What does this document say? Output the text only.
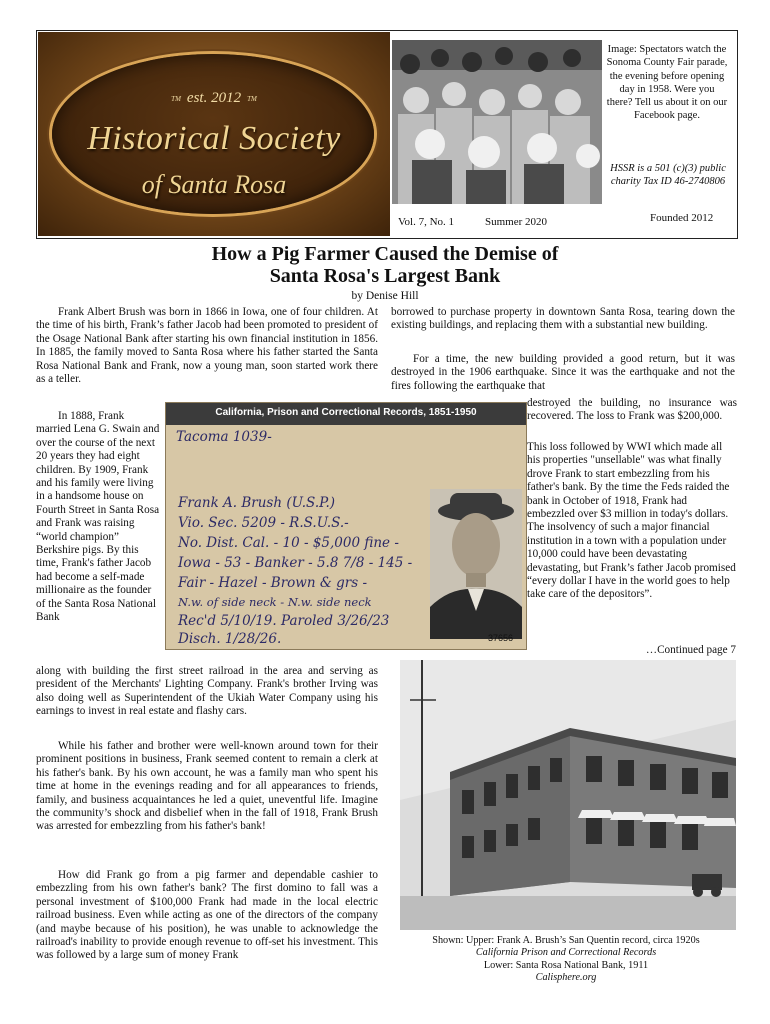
TM est. 2012 TM
Historical Society
of Santa Rosa
Image: Spectators watch the Sonoma County Fair parade, the evening before opening day in 1958. Were you there? Tell us about it on our Facebook page.
HSSR is a 501 (c)(3) public charity Tax ID 46-2740806
Vol. 7, No. 1	Summer 2020	Founded 2012
How a Pig Farmer Caused the Demise of
Santa Rosa's Largest Bank
by Denise Hill

Frank Albert Brush was born in 1866 in Iowa, one of four children. At the time of his birth, Frank’s father Jacob had been promoted to president of the Osage National Bank after starting his own financial institution in 1856. In 1885, the family moved to Santa Rosa where his father started the Santa Rosa National Bank and Frank, now a young man, soon started work there as a teller.

In 1888, Frank married Lena G. Swain and over the course of the next 20 years they had eight children. By 1909, Frank and his family were living in a handsome house on Fourth Street in Santa Rosa and Frank was raising “world champion” Berkshire pigs. By this time, Frank's father Jacob had become a self-made millionaire as the founder of the Santa Rosa National Bank

along with building the first street railroad in the area and serving as president of the Merchants' Lighting Company. Frank's brother Irving was also doing well as Superintendent of the Ukiah Water Company using his earnings to invest in real estate and flashy cars.

While his father and brother were well-known around town for their prominent positions in business, Frank seemed content to remain a clerk at his father's bank. By his own account, he was a family man who spent his time at home in the evenings reading and for all appearances to friends, family, and business acquaintances he led a quiet, uneventful life. Imagine the community’s shock and disbelief when in the fall of 1918, Frank Brush was arrested for embezzling from his father's bank!

How did Frank go from a pig farmer and dependable cashier to embezzling from his own father's bank? The first domino to fall was a personal investment of $100,000 Frank had made in the local electric railroad business. Even while acting as one of the directors of the company (and maybe because of his position), he was unable to acknowledge the railroad's inability to provide enough revenue to off-set his investment. This was followed by a large sum of money Frank

borrowed to purchase property in downtown Santa Rosa, tearing down the existing buildings, and replacing them with a substantial new building.

For a time, the new building provided a good return, but it was destroyed in the 1906 earthquake. Since it was the earthquake and not the fires following the earthquake that

destroyed the building, no insurance was recovered. The loss to Frank was $200,000.

This loss followed by WWI which made all his properties "unsellable" was what finally drove Frank to start embezzling from his father's bank. By the time the Feds raided the bank in October of 1918, Frank had embezzled over $3 million in today's dollars. The insolvency of such a major financial institution in a town with a population under 10,000 could have been devastating devastating, but Frank’s father Jacob promised “every dollar I have in the world goes to help take care of the depositors”.

…Continued page 7
California, Prison and Correctional Records, 1851-1950
Tacoma 1039-
Frank A. Brush (U.S.P.)
Vio. Sec. 5209 - R.S.U.S.-
No. Dist. Cal. - 10 - $5,000 fine -
Iowa - 53 - Banker - 5.8 7/8 - 145 -
Fair - Hazel - Brown & grs -
N.w. of side neck - N.w. side neck
Rec'd 5/10/19. Paroled 3/26/23
Disch. 1/28/26.	37656
Shown: Upper: Frank A. Brush’s San Quentin record, circa 1920s
California Prison and Correctional Records
Lower: Santa Rosa National Bank, 1911
Calisphere.org
